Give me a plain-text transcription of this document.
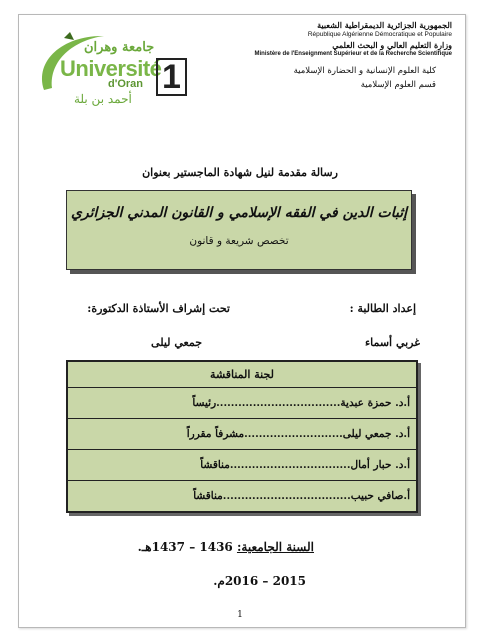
جامعة وهران
Université
d'Oran 1
أحمد بن بلة
الجمهورية الجزائرية الديمقراطية الشعبية
République Algérienne Démocratique et Populaire
وزارة التعليم العالي و البحث العلمي
Ministère de l'Enseignment Supérieur et de la Recherche Scientifique
كلية العلوم الإنسانية و الحضارة الإسلامية
قسم العلوم الإسلامية
رسالة مقدمة لنيل شهادة الماجستير بعنوان
إثبات الدين في الفقه الإسلامي و القانون المدني الجزائري
تخصص شريعة و قانون
إعداد الطالبة :
تحت إشراف الأستاذة الدكتورة:
غربي أسماء
جمعي ليلى
لجنة المناقشة
أ.د. حمزة عبدية..................................رئيساً
أ.د. جمعي ليلى...........................مشرفاً مقرراً
أ.د. حبار أمال.................................مناقشاً
أ.صافي حبيب...................................مناقشاً
السنة الجامعية: 1436 – 1437هـ.
2015 – 2016م.
1
